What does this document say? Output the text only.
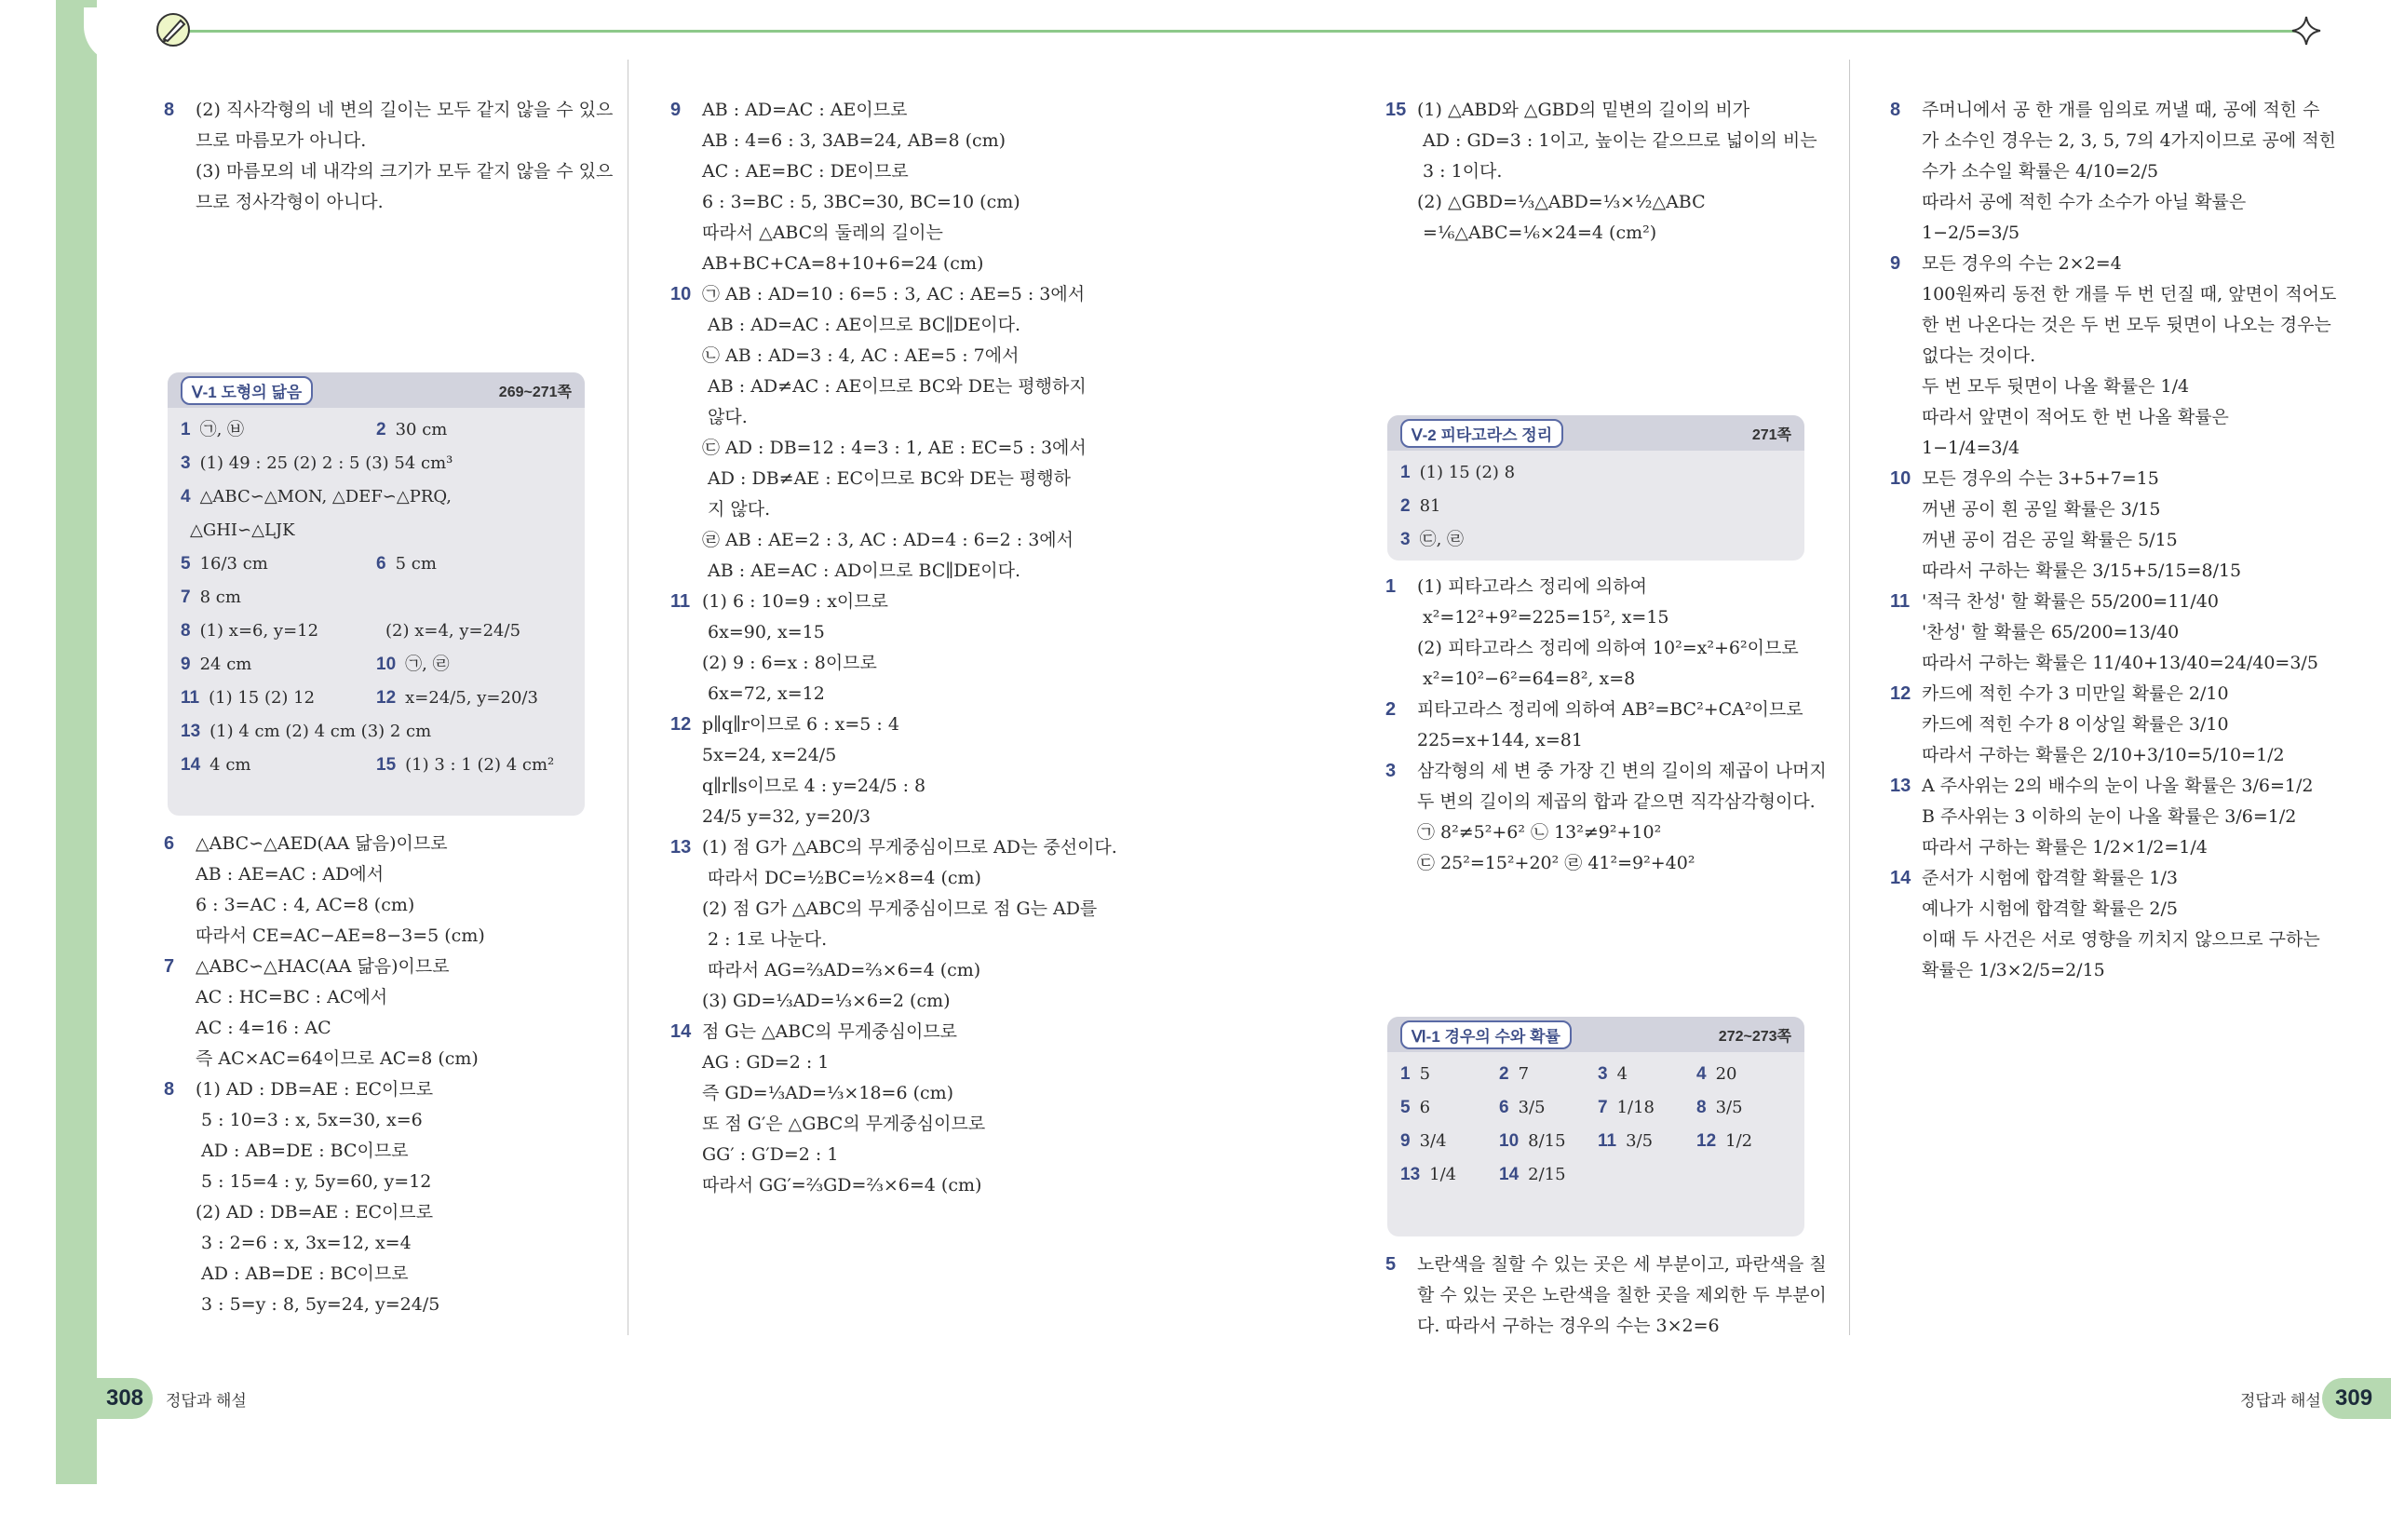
8 (2) 직사각형의 네 변의 길이는 모두 같지 않을 수 있으
므로 마름모가 아니다.
(3) 마름모의 네 내각의 크기가 모두 같지 않을 수 있으
므로 정사각형이 아니다.
Ⅴ-1 도형의 닮음	269~271쪽
1 ㉠, ㉥	2 30 cm
3 (1) 49 : 25 (2) 2 : 5 (3) 54 cm³
4 △ABC∽△MON, △DEF∽△PRQ,
△GHI∽△LJK
5 16/3 cm	6 5 cm
7 8 cm
8 (1) x=6, y=12	(2) x=4, y=24/5
9 24 cm	10 ㉠, ㉣
11 (1) 15 (2) 12	12 x=24/5, y=20/3
13 (1) 4 cm (2) 4 cm (3) 2 cm
14 4 cm	15 (1) 3 : 1 (2) 4 cm²
6 △ABC∽△AED(AA 닮음)이므로
AB : AE=AC : AD에서
6 : 3=AC : 4, AC=8 (cm)
따라서 CE=AC−AE=8−3=5 (cm)
7 △ABC∽△HAC(AA 닮음)이므로
AC : HC=BC : AC에서
AC : 4=16 : AC
즉 AC×AC=64이므로 AC=8 (cm)
8 (1) AD : DB=AE : EC이므로
5 : 10=3 : x, 5x=30, x=6
AD : AB=DE : BC이므로
5 : 15=4 : y, 5y=60, y=12
(2) AD : DB=AE : EC이므로
3 : 2=6 : x, 3x=12, x=4
AD : AB=DE : BC이므로
3 : 5=y : 8, 5y=24, y=24/5
9 AB : AD=AC : AE이므로
AB : 4=6 : 3, 3AB=24, AB=8 (cm)
AC : AE=BC : DE이므로
6 : 3=BC : 5, 3BC=30, BC=10 (cm)
따라서 △ABC의 둘레의 길이는
AB+BC+CA=8+10+6=24 (cm)
10 ㉠ AB : AD=10 : 6=5 : 3, AC : AE=5 : 3에서
AB : AD=AC : AE이므로 BC∥DE이다.
㉡ AB : AD=3 : 4, AC : AE=5 : 7에서
AB : AD≠AC : AE이므로 BC와 DE는 평행하지
않다.
㉢ AD : DB=12 : 4=3 : 1, AE : EC=5 : 3에서
AD : DB≠AE : EC이므로 BC와 DE는 평행하
지 않다.
㉣ AB : AE=2 : 3, AC : AD=4 : 6=2 : 3에서
AB : AE=AC : AD이므로 BC∥DE이다.
11 (1) 6 : 10=9 : x이므로
6x=90, x=15
(2) 9 : 6=x : 8이므로
6x=72, x=12
12 p∥q∥r이므로 6 : x=5 : 4
5x=24, x=24/5
q∥r∥s이므로 4 : y=24/5 : 8
24/5 y=32, y=20/3
13 (1) 점 G가 △ABC의 무게중심이므로 AD는 중선이다.
따라서 DC=½BC=½×8=4 (cm)
(2) 점 G가 △ABC의 무게중심이므로 점 G는 AD를
2 : 1로 나눈다.
따라서 AG=⅔AD=⅔×6=4 (cm)
(3) GD=⅓AD=⅓×6=2 (cm)
14 점 G는 △ABC의 무게중심이므로
AG : GD=2 : 1
즉 GD=⅓AD=⅓×18=6 (cm)
또 점 G′은 △GBC의 무게중심이므로
GG′ : G′D=2 : 1
따라서 GG′=⅔GD=⅔×6=4 (cm)
15 (1) △ABD와 △GBD의 밑변의 길이의 비가
AD : GD=3 : 1이고, 높이는 같으므로 넓이의 비는
3 : 1이다.
(2) △GBD=⅓△ABD=⅓×½△ABC
=⅙△ABC=⅙×24=4 (cm²)
Ⅴ-2 피타고라스 정리	271쪽
1 (1) 15 (2) 8
2 81
3 ㉢, ㉣
1 (1) 피타고라스 정리에 의하여
x²=12²+9²=225=15², x=15
(2) 피타고라스 정리에 의하여 10²=x²+6²이므로
x²=10²−6²=64=8², x=8
2 피타고라스 정리에 의하여 AB²=BC²+CA²이므로
225=x+144, x=81
3 삼각형의 세 변 중 가장 긴 변의 길이의 제곱이 나머지
두 변의 길이의 제곱의 합과 같으면 직각삼각형이다.
㉠ 8²≠5²+6² ㉡ 13²≠9²+10²
㉢ 25²=15²+20² ㉣ 41²=9²+40²
Ⅵ-1 경우의 수와 확률	272~273쪽
1 5	2 7	3 4	4 20
5 6	6 3/5	7 1/18 8 3/5
9 3/4	10 8/15 11 3/5 12 1/2
13 1/4 14 2/15
5 노란색을 칠할 수 있는 곳은 세 부분이고, 파란색을 칠
할 수 있는 곳은 노란색을 칠한 곳을 제외한 두 부분이
다. 따라서 구하는 경우의 수는 3×2=6
8 주머니에서 공 한 개를 임의로 꺼낼 때, 공에 적힌 수
가 소수인 경우는 2, 3, 5, 7의 4가지이므로 공에 적힌
수가 소수일 확률은 4/10=2/5
따라서 공에 적힌 수가 소수가 아닐 확률은
1−2/5=3/5
9 모든 경우의 수는 2×2=4
100원짜리 동전 한 개를 두 번 던질 때, 앞면이 적어도
한 번 나온다는 것은 두 번 모두 뒷면이 나오는 경우는
없다는 것이다.
두 번 모두 뒷면이 나올 확률은 1/4
따라서 앞면이 적어도 한 번 나올 확률은
1−1/4=3/4
10 모든 경우의 수는 3+5+7=15
꺼낸 공이 흰 공일 확률은 3/15
꺼낸 공이 검은 공일 확률은 5/15
따라서 구하는 확률은 3/15+5/15=8/15
11 '적극 찬성' 할 확률은 55/200=11/40
'찬성' 할 확률은 65/200=13/40
따라서 구하는 확률은 11/40+13/40=24/40=3/5
12 카드에 적힌 수가 3 미만일 확률은 2/10
카드에 적힌 수가 8 이상일 확률은 3/10
따라서 구하는 확률은 2/10+3/10=5/10=1/2
13 A 주사위는 2의 배수의 눈이 나올 확률은 3/6=1/2
B 주사위는 3 이하의 눈이 나올 확률은 3/6=1/2
따라서 구하는 확률은 1/2×1/2=1/4
14 준서가 시험에 합격할 확률은 1/3
예나가 시험에 합격할 확률은 2/5
이때 두 사건은 서로 영향을 끼치지 않으므로 구하는
확률은 1/3×2/5=2/15
308	정답과 해설	정답과 해설 309
